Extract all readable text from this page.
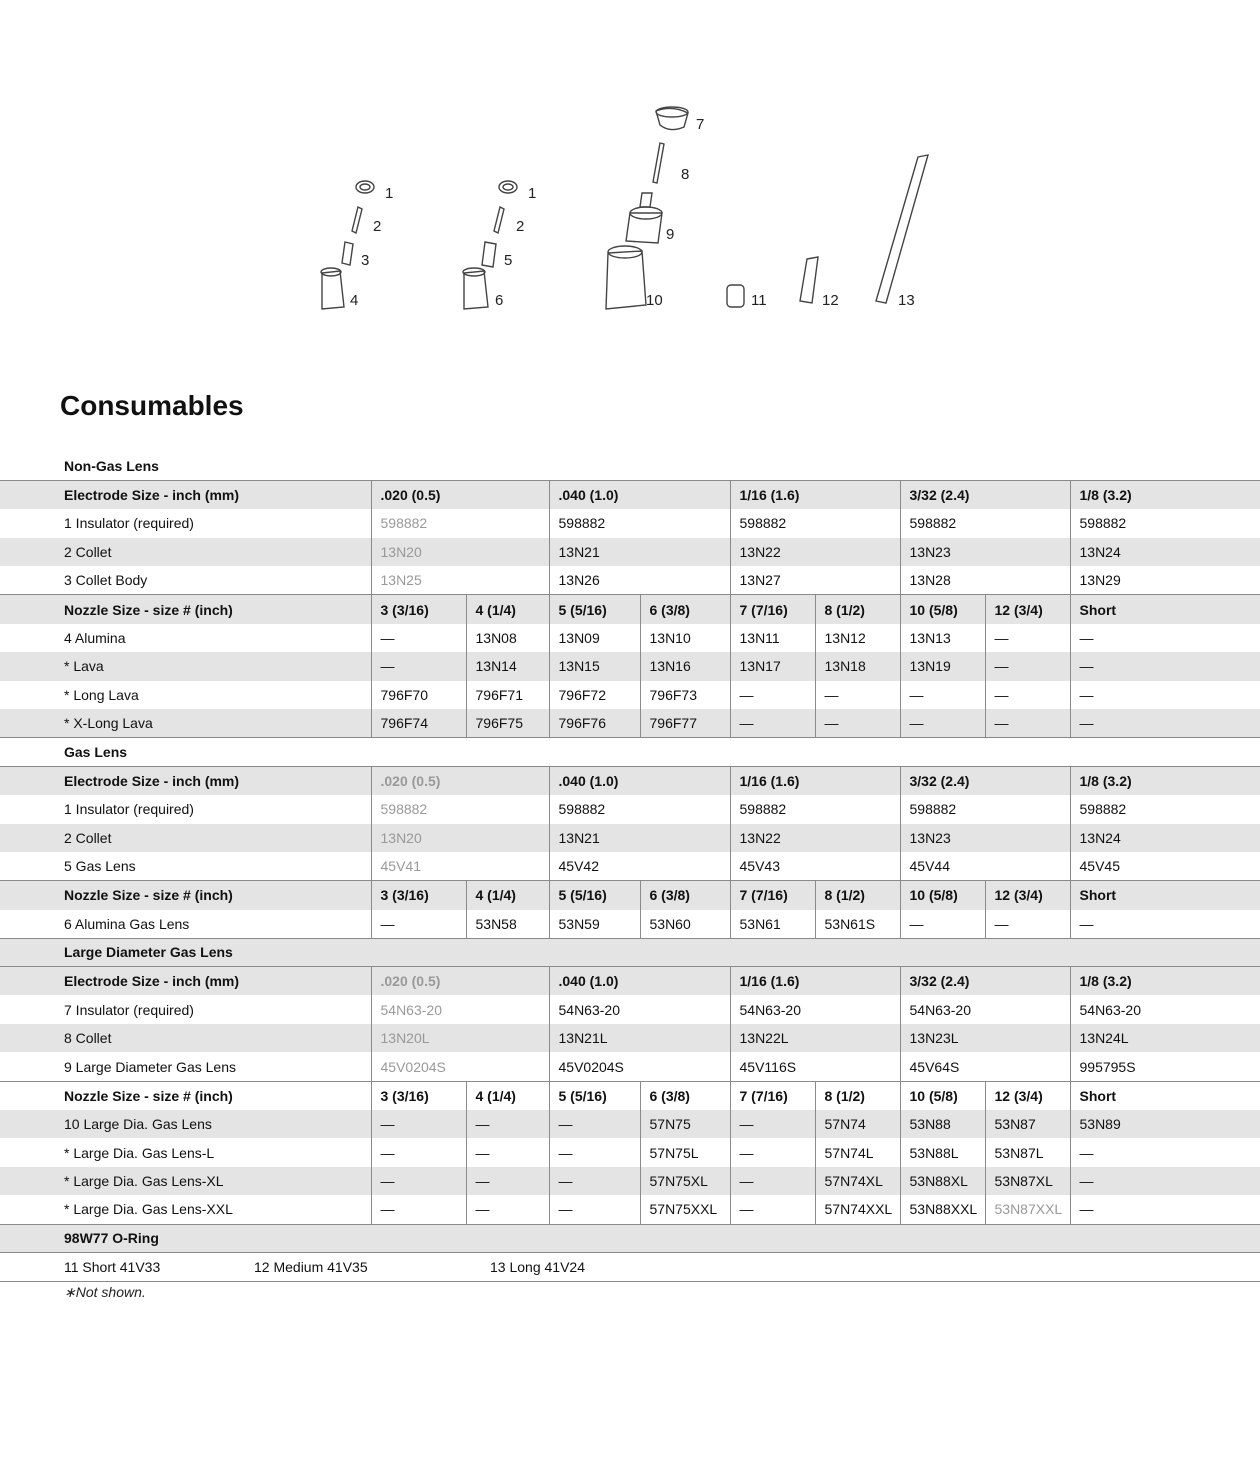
1
2
3
4
1
2
5
6
7
8
9
10	11	12	13
Consumables
Non-Gas Lens									
Electrode Size - inch (mm)	.020 (0.5)		.040 (1.0)		1/16 (1.6)		3/32 (2.4)		1/8 (3.2)
1 Insulator (required)	598882		598882		598882		598882		598882
2 Collet	13N20		13N21		13N22		13N23		13N24
3 Collet Body	13N25		13N26		13N27		13N28		13N29
Nozzle Size - size # (inch)	3 (3/16)	4 (1/4)	5 (5/16)	6 (3/8)	7 (7/16)	8 (1/2)	10 (5/8)	12 (3/4)	Short
4 Alumina	—	13N08	13N09	13N10	13N11	13N12	13N13	—	—
* Lava	—	13N14	13N15	13N16	13N17	13N18	13N19	—	—
* Long Lava	796F70	796F71	796F72	796F73	—	—	—	—	—
* X-Long Lava	796F74	796F75	796F76	796F77	—	—	—	—	—
Gas Lens									
Electrode Size - inch (mm)	.020 (0.5)		.040 (1.0)		1/16 (1.6)		3/32 (2.4)		1/8 (3.2)
1 Insulator (required)	598882		598882		598882		598882		598882
2 Collet	13N20		13N21		13N22		13N23		13N24
5 Gas Lens	45V41		45V42		45V43		45V44		45V45
Nozzle Size - size # (inch)	3 (3/16)	4 (1/4)	5 (5/16)	6 (3/8)	7 (7/16)	8 (1/2)	10 (5/8)	12 (3/4)	Short
6 Alumina Gas Lens	—	53N58	53N59	53N60	53N61	53N61S	—	—	—
Large Diameter Gas Lens									
Electrode Size - inch (mm)	.020 (0.5)		.040 (1.0)		1/16 (1.6)		3/32 (2.4)		1/8 (3.2)
7 Insulator (required)	54N63-20		54N63-20		54N63-20		54N63-20		54N63-20
8 Collet	13N20L		13N21L		13N22L		13N23L		13N24L
9 Large Diameter Gas Lens	45V0204S		45V0204S		45V116S		45V64S		995795S
Nozzle Size - size # (inch)	3 (3/16)	4 (1/4)	5 (5/16)	6 (3/8)	7 (7/16)	8 (1/2)	10 (5/8)	12 (3/4)	Short
10 Large Dia. Gas Lens	—	—	—	57N75	—	57N74	53N88	53N87	53N89
* Large Dia. Gas Lens-L	—	—	—	57N75L	—	57N74L	53N88L	53N87L	—
* Large Dia. Gas Lens-XL	—	—	—	57N75XL	—	57N74XL	53N88XL	53N87XL	—
* Large Dia. Gas Lens-XXL	—	—	—	57N75XXL	—	57N74XXL	53N88XXL	53N87XXL	—
98W77 O-Ring									

11 Short 41V33 12 Medium 41V35 13 Long 41V24									
∗Not shown.
